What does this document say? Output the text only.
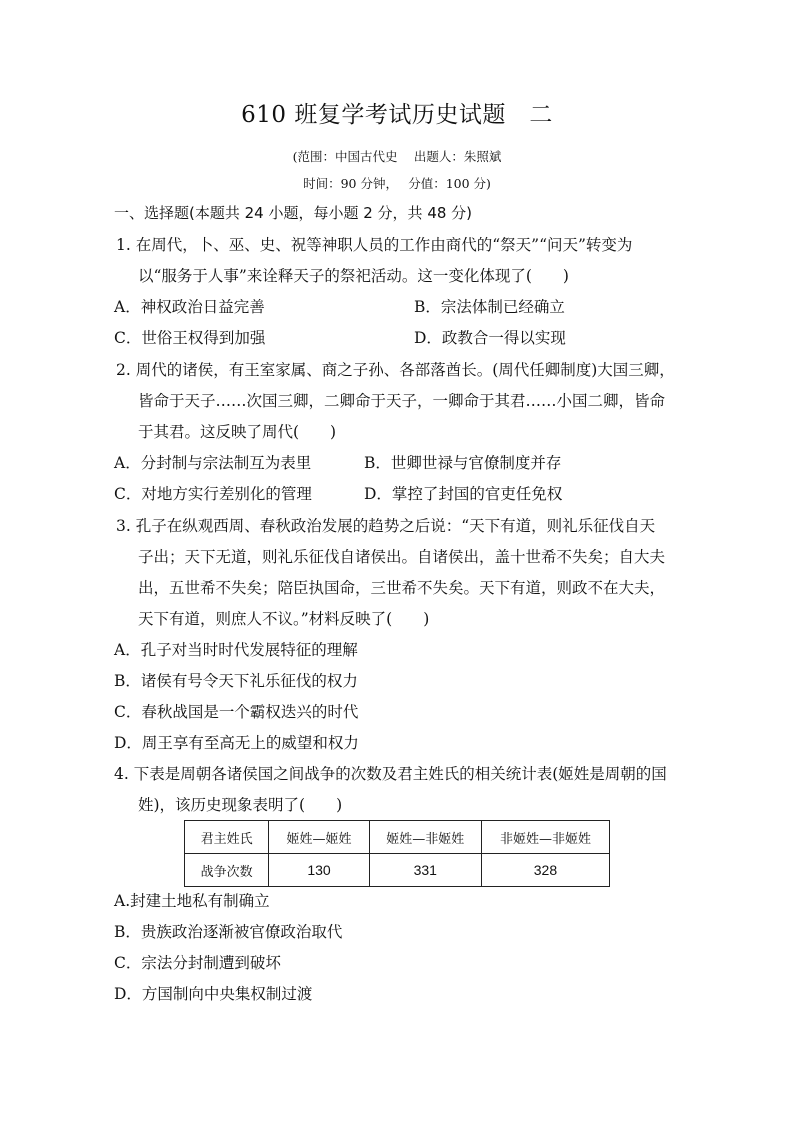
610 班复学考试历史试题　二
(范围：中国古代史　 出题人：朱照斌
时间：90 分钟，　 分值：100 分)
一、选择题(本题共 24 小题，每小题 2 分，共 48 分)
1. 在周代，卜、巫、史、祝等神职人员的工作由商代的“祭天”“问天”转变为
以“服务于人事”来诠释天子的祭祀活动。这一变化体现了(　　)
A．神权政治日益完善	B．宗法体制已经确立
C．世俗王权得到加强	D．政教合一得以实现
2. 周代的诸侯，有王室家属、商之子孙、各部落酋长。(周代任卿制度)大国三卿，
皆命于天子……次国三卿，二卿命于天子，一卿命于其君……小国二卿，皆命
于其君。这反映了周代(　　)
A．分封制与宗法制互为表里	B．世卿世禄与官僚制度并存
C．对地方实行差别化的管理	D．掌控了封国的官吏任免权
3. 孔子在纵观西周、春秋政治发展的趋势之后说：“天下有道，则礼乐征伐自天
子出；天下无道，则礼乐征伐自诸侯出。自诸侯出，盖十世希不失矣；自大夫
出，五世希不失矣；陪臣执国命，三世希不失矣。天下有道，则政不在大夫，
天下有道，则庶人不议。”材料反映了(　　)
A．孔子对当时时代发展特征的理解
B．诸侯有号令天下礼乐征伐的权力
C．春秋战国是一个霸权迭兴的时代
D．周王享有至高无上的威望和权力
4. 下表是周朝各诸侯国之间战争的次数及君主姓氏的相关统计表(姬姓是周朝的国
姓)，该历史现象表明了(　　)
君主姓氏	姬姓—姬姓	姬姓—非姬姓	非姬姓—非姬姓
战争次数	130	331	328
A.封建土地私有制确立
B．贵族政治逐渐被官僚政治取代
C．宗法分封制遭到破坏
D．方国制向中央集权制过渡
